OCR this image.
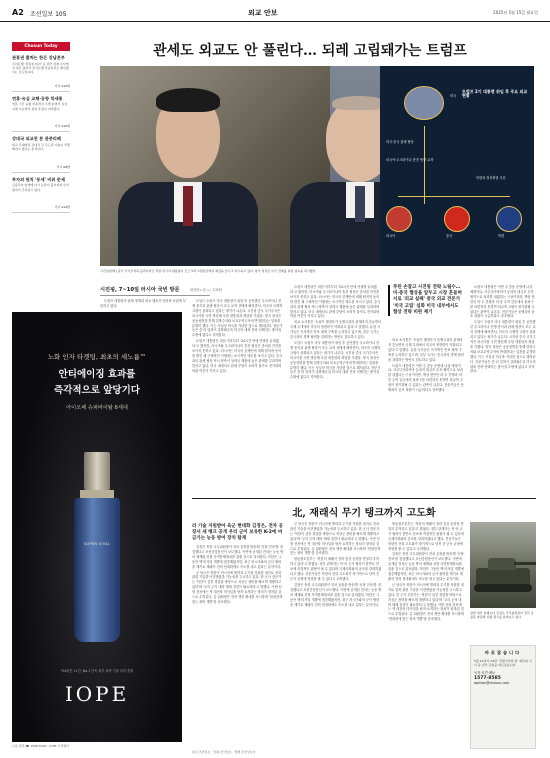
A2 조선일보 105	외교 안보	2025년 5월 15일 월요일
Chosun Today
관봉권 출처는 한은 강남본부
우리은행 '관봉권 띠지' 등 관련 검찰 수사에서 현금 출처가 한국은행 강남본부로 확인됐다는 보도입니다.
기사 A12면
연휴·유심 교체·공항 북새통
연휴 기간 공항 이용객이 크게 늘면서 유심 교체 수요까지 겹쳐 혼잡이 이어졌다.
기사 A10면
강대국 외교전 본 관중리폐
외교 무대에서 강대국 간 주도권 다툼이 치열해지고 있다는 분석이다.
기사 A8면
투자의 원칙 '동세' 비위 문제
금융투자 업계에 다시 논란이 불거지며 투자 원칙이 주목받고 있다.
기사 A14면
관세도 외교도 안 풀린다… 되레 고립돼가는 트럼프
트럼프 2기 대통령 취임 후 주요 외교 현황
미국
러시아	중국	북한
미국·중국 관세 협상
러시아·우크라이나 종전 협상 교착
북한과 정상회담 무산
시진핑(왼쪽) 중국 국가주석과 블라디미르 푸틴 러시아 대통령이 모스크바 크렘린궁에서 회담을 앞두고 악수하고 있다. 양국 정상은 미국 견제를 위한 결속을 과시했다.
시진핑, 7~10일 러시아 국빈 방문	워싱턴=김○○ 특파원

트럼프 대통령의 관세 정책과 외교 행보가 잇따라 난관에 부딪히고 있다.

도널드 트럼프 미국 대통령이 취임 후 공언했던 우크라이나 전쟁 종식과 관세 협상이 모두 교착 상태에 빠지면서, 미국의 국제적 고립이 심화되고 있다는 평가가 나온다. 시진핑 중국 국가주석은 러시아를 국빈 방문해 푸틴 대통령과 회담을 가졌다. 양국 정상은 공동성명을 통해 일방주의와 보호무역주의에 반대한다는 입장을 분명히 했다. 이는 사실상 미국을 겨냥한 것으로 해석된다. 전문가들은 중·러 밀착이 강화될수록 미국의 대외 전략 선택지는 좁아질 수밖에 없다고 지적한다.

트럼프 대통령은 취임 직후부터 '24시간 안에 전쟁을 끝내겠다'고 했지만, 러시아와 우크라이나의 휴전 협상은 좀처럼 진전을 보이지 못하고 있다. 러시아는 미국의 중재안에 대해 원칙적 동의만 밝힌 채 구체적인 이행에는 소극적인 태도를 보이고 있다. 중국과의 관세 협상 역시 양측이 상대국 제품에 높은 관세를 부과하며 맞서고 있다. 미국 내에서도 관세 부담이 소비자 물가로 전가되며 비판 여론이 커지고 있다.

트럼프 대통령은 취임 직후부터 '24시간 안에 전쟁을 끝내겠다'고 했지만, 러시아와 우크라이나의 휴전 협상은 좀처럼 진전을 보이지 못하고 있다. 러시아는 미국의 중재안에 대해 원칙적 동의만 밝힌 채 구체적인 이행에는 소극적인 태도를 보이고 있다. 중국과의 관세 협상 역시 양측이 상대국 제품에 높은 관세를 부과하며 맞서고 있다. 미국 내에서도 관세 부담이 소비자 물가로 전가되며 비판 여론이 커지고 있다.

외교 소식통은 '트럼프 행정부가 동맹국과의 관계마저 흔들면서 국제 무대에서 미국의 영향력이 약화되고 있다'고 말했다. 유럽 국가들은 독자적인 안보 체계 구축을 논의하고 있으며, 일부 국가는 중국과의 경제 협력을 강화하는 방안도 검토하고 있다.

도널드 트럼프 미국 대통령이 취임 후 공언했던 우크라이나 전쟁 종식과 관세 협상이 모두 교착 상태에 빠지면서, 미국의 국제적 고립이 심화되고 있다는 평가가 나온다. 시진핑 중국 국가주석은 러시아를 국빈 방문해 푸틴 대통령과 회담을 가졌다. 양국 정상은 공동성명을 통해 일방주의와 보호무역주의에 반대한다는 입장을 분명히 했다. 이는 사실상 미국을 겨냥한 것으로 해석된다. 전문가들은 중·러 밀착이 강화될수록 미국의 대외 전략 선택지는 좁아질 수밖에 없다고 지적한다.

푸틴 손잡고 시진핑 전략 노림수… 미·중국 협상을 앞두고 시장 흔들며 서로 '외교 실패' 중국 외교 전문가 '미국 고립' 심화 미국 내부에서도 협상 전략 비판 제기

외교 소식통은 '트럼프 행정부가 동맹국과의 관계마저 흔들면서 국제 무대에서 미국의 영향력이 약화되고 있다'고 말했다. 유럽 국가들은 독자적인 안보 체계 구축을 논의하고 있으며, 일부 국가는 중국과의 경제 협력을 강화하는 방안도 검토하고 있다.

트럼프 대통령은 이번 주 중동 순방에 나설 예정이다. 사우디아라비아 등과의 대규모 투자 협약으로 성과를 내겠다는 구상이지만, 핵심 현안인 러·우 전쟁과 미·중 무역 갈등에서 돌파구를 마련하지 못하면 외교적 고립이 장기화될 수 있다는 관측이 나온다. 전문가들은 동맹과의 공조 복원이 시급하다고 강조했다.

트럼프 대통령은 이번 주 중동 순방에 나설 예정이다. 사우디아라비아 등과의 대규모 투자 협약으로 성과를 내겠다는 구상이지만, 핵심 현안인 러·우 전쟁과 미·중 무역 갈등에서 돌파구를 마련하지 못하면 외교적 고립이 장기화될 수 있다는 관측이 나온다. 전문가들은 동맹과의 공조 복원이 시급하다고 강조했다.

도널드 트럼프 미국 대통령이 취임 후 공언했던 우크라이나 전쟁 종식과 관세 협상이 모두 교착 상태에 빠지면서, 미국의 국제적 고립이 심화되고 있다는 평가가 나온다. 시진핑 중국 국가주석은 러시아를 국빈 방문해 푸틴 대통령과 회담을 가졌다. 양국 정상은 공동성명을 통해 일방주의와 보호무역주의에 반대한다는 입장을 분명히 했다. 이는 사실상 미국을 겨냥한 것으로 해석된다. 전문가들은 중·러 밀착이 강화될수록 미국의 대외 전략 선택지는 좁아질 수밖에 없다고 지적한다.

노화 인자 타겟팅, 최초의 세노륨™
안티에이징 효과를
즉각적으로 앞당기다
아이오페 슈퍼바이탈 6세대
SUPER VITAL
*18년간 11건, No.1 단독 피부 과학 기술 특허 출원
IOPE
근육 관리 ☎ 1588-0000 · IOPE 고객센터
北, 재래식 무기 탱크까지 고도화
러 기술 지원받아 육군 현대화 김정은, 전차 공장서 새 탱크 공개 우리 군이 보유한 K-2에 버금가는 능동 방어 장치 탑재

김정은 북한 국무위원장이 전차 공장을 방문해 '신형 전차'를 점검했다고 조선중앙통신이 보도했다. 이번에 공개된 전차는 능동 방어 체계와 신형 사격통제장치를 갖춘 것으로 알려졌다. 북한은 그동안 핵·미사일 개발에 집중해왔지만, 최근 러시아와의 군사 협력을 계기로 재래식 전력 현대화에도 속도를 내고 있다는 분석이다.

군 당국은 북한이 러시아에 병력과 무기를 지원한 대가로 전차 관련 기술을 이전받았을 가능성을 주시하고 있다. 한 군사 전문가는 '북한이 실전 경험을 바탕으로 지상군 장비를 빠르게 개량하고 있다'며 '우리 군의 대비 태세 점검이 필요하다'고 말했다. 이번 신형 전차에는 적 대전차 미사일을 탐지·요격하는 장치가 장착된 것으로 추정된다. 김 위원장은 전차 생산 확대를 지시하며 '현대전에 맞는 장비 개발'을 강조했다.

군 당국은 북한이 러시아에 병력과 무기를 지원한 대가로 전차 관련 기술을 이전받았을 가능성을 주시하고 있다. 한 군사 전문가는 '북한이 실전 경험을 바탕으로 지상군 장비를 빠르게 개량하고 있다'며 '우리 군의 대비 태세 점검이 필요하다'고 말했다. 이번 신형 전차에는 적 대전차 미사일을 탐지·요격하는 장치가 장착된 것으로 추정된다. 김 위원장은 전차 생산 확대를 지시하며 '현대전에 맞는 장비 개발'을 강조했다.

합동참모본부는 '북한의 재래식 전력 증강 동향을 면밀히 추적하고 있다'고 밝혔다. 정부 관계자는 북·러 군사 협력이 한반도 안보에 직접적인 위협이 될 수 있다며 국제사회와의 공조를 강화하겠다고 했다. 전문가들은 북한의 전력 고도화가 장기적으로 남북 간 군사 균형에 영향을 줄 수 있다고 우려했다.

김정은 북한 국무위원장이 전차 공장을 방문해 '신형 전차'를 점검했다고 조선중앙통신이 보도했다. 이번에 공개된 전차는 능동 방어 체계와 신형 사격통제장치를 갖춘 것으로 알려졌다. 북한은 그동안 핵·미사일 개발에 집중해왔지만, 최근 러시아와의 군사 협력을 계기로 재래식 전력 현대화에도 속도를 내고 있다는 분석이다.

합동참모본부는 '북한의 재래식 전력 증강 동향을 면밀히 추적하고 있다'고 밝혔다. 정부 관계자는 북·러 군사 협력이 한반도 안보에 직접적인 위협이 될 수 있다며 국제사회와의 공조를 강화하겠다고 했다. 전문가들은 북한의 전력 고도화가 장기적으로 남북 간 군사 균형에 영향을 줄 수 있다고 우려했다.

김정은 북한 국무위원장이 전차 공장을 방문해 '신형 전차'를 점검했다고 조선중앙통신이 보도했다. 이번에 공개된 전차는 능동 방어 체계와 신형 사격통제장치를 갖춘 것으로 알려졌다. 북한은 그동안 핵·미사일 개발에 집중해왔지만, 최근 러시아와의 군사 협력을 계기로 재래식 전력 현대화에도 속도를 내고 있다는 분석이다.

군 당국은 북한이 러시아에 병력과 무기를 지원한 대가로 전차 관련 기술을 이전받았을 가능성을 주시하고 있다. 한 군사 전문가는 '북한이 실전 경험을 바탕으로 지상군 장비를 빠르게 개량하고 있다'며 '우리 군의 대비 태세 점검이 필요하다'고 말했다. 이번 신형 전차에는 적 대전차 미사일을 탐지·요격하는 장치가 장착된 것으로 추정된다. 김 위원장은 전차 생산 확대를 지시하며 '현대전에 맞는 장비 개발'을 강조했다.

평양 내부 실제보다 김정은 국무위원장이 전차 공장을 방문해 신형 탱크를 살펴보고 있다.
바로잡습니다
5월 14일자 A3면 '전쟁기억의 땅' 제목의 기사 중 일부 표현을 바로잡습니다.
독자 의견·제보
1577-8585
opinion@chosun.com
편집 조선일보 · 인쇄 조선일보 · 발행 조선일보사
